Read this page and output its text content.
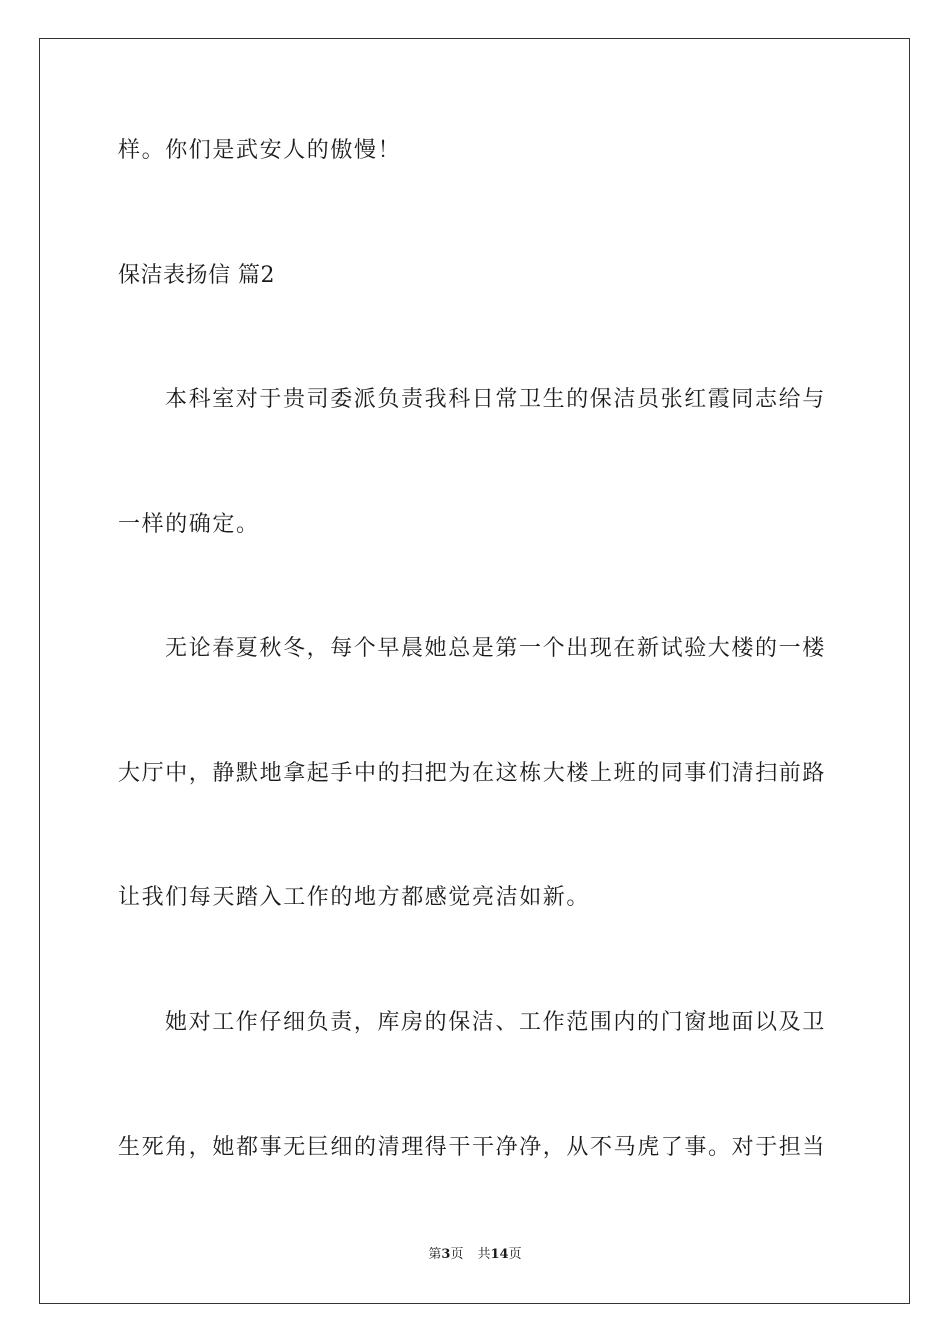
样。你们是武安人的傲慢！

保洁表扬信 篇2

本科室对于贵司委派负责我科日常卫生的保洁员张红霞同志给与

一样的确定。

无论春夏秋冬，每个早晨她总是第一个出现在新试验大楼的一楼

大厅中，静默地拿起手中的扫把为在这栋大楼上班的同事们清扫前路

让我们每天踏入工作的地方都感觉亮洁如新。

她对工作仔细负责，库房的保洁、工作范围内的门窗地面以及卫

生死角，她都事无巨细的清理得干干净净，从不马虎了事。对于担当

第3页 共14页
